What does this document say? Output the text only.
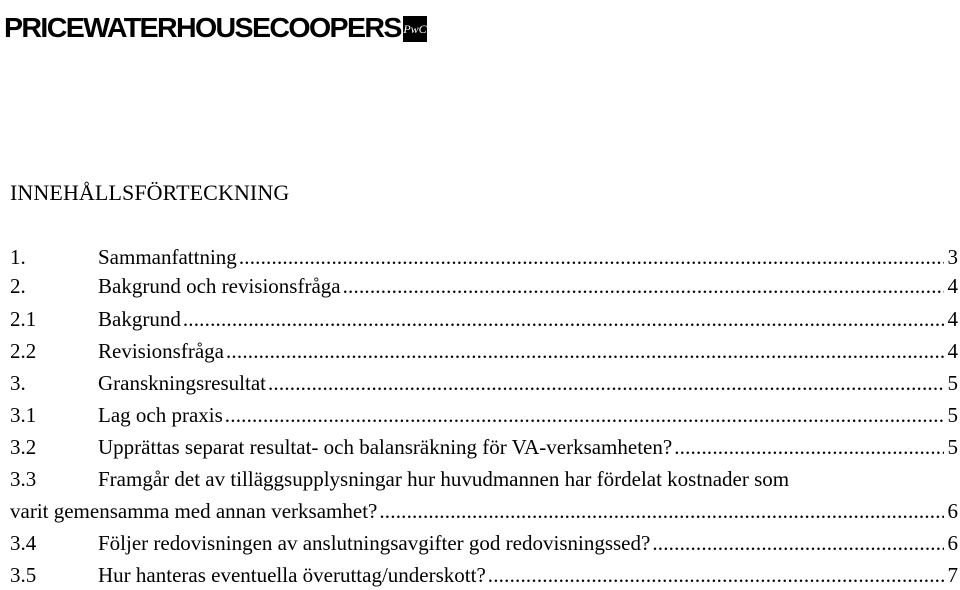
PRICEWATERHOUSECOOPERS PwC
INNEHÅLLSFÖRTECKNING
1.	Sammanfattning .....	3
2.	Bakgrund och revisionsfråga .....	4
2.1	Bakgrund .....	4
2.2	Revisionsfråga .....	4
3.	Granskningsresultat .....	5
3.1	Lag och praxis .....	5
3.2	Upprättas separat resultat- och balansräkning för VA-verksamheten? .....	5
3.3	Framgår det av tilläggsupplysningar hur huvudmannen har fördelat kostnader som
varit gemensamma med annan verksamhet? .....	6
3.4	Följer redovisningen av anslutningsavgifter god redovisningssed? .....	6
3.5	Hur hanteras eventuella överuttag/underskott? .....	7
